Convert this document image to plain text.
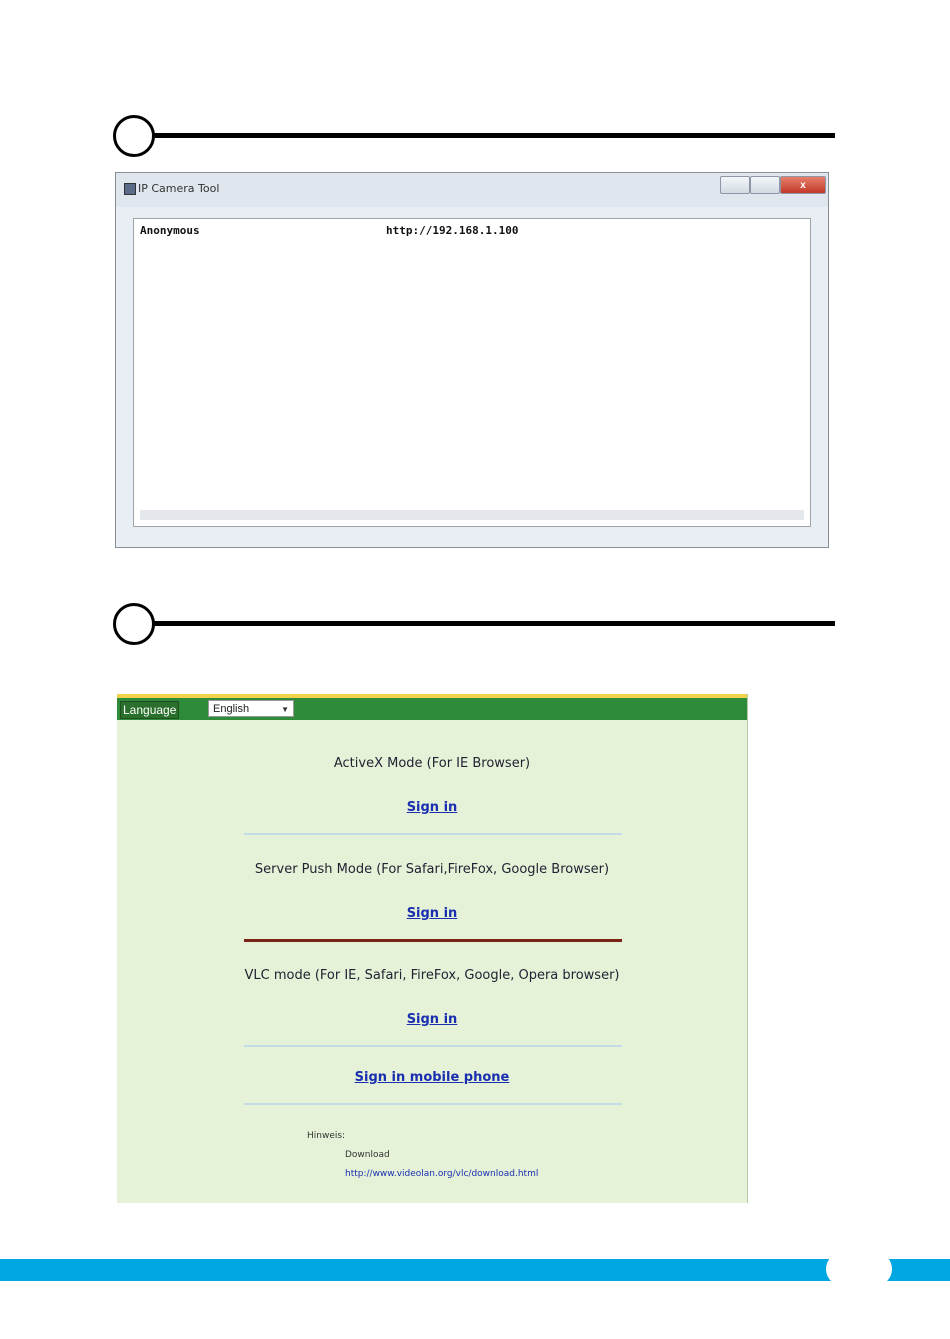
IP Camera Tool	x
Anonymous	http://192.168.1.100
Language	English	▼
ActiveX Mode (For IE Browser)
Sign in
Server Push Mode (For Safari,FireFox, Google Browser)
Sign in
VLC mode (For IE, Safari, FireFox, Google, Opera browser)
Sign in
Sign in mobile phone
Hinweis:
Download
http://www.videolan.org/vlc/download.html
